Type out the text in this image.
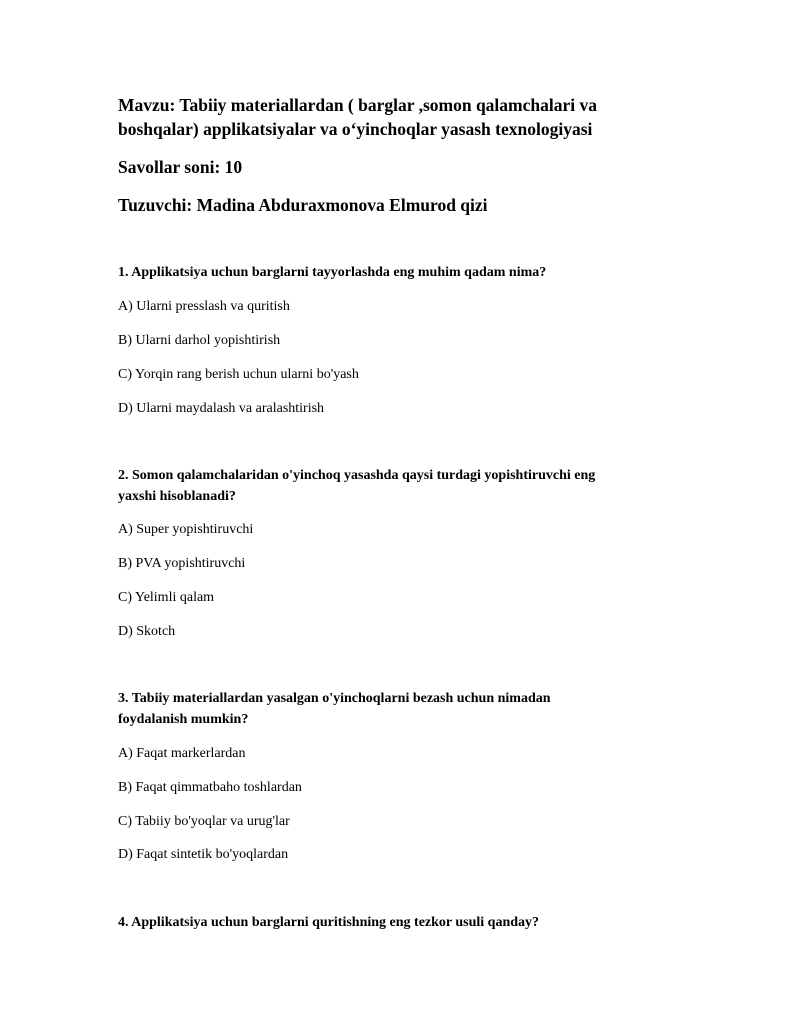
Mavzu: Tabiiy materiallardan ( barglar ,somon qalamchalari va
boshqalar) applikatsiyalar va o‘yinchoqlar yasash texnologiyasi
Savollar soni: 10
Tuzuvchi: Madina Abduraxmonova Elmurod qizi
1. Applikatsiya uchun barglarni tayyorlashda eng muhim qadam nima?
A) Ularni presslash va quritish
B) Ularni darhol yopishtirish
C) Yorqin rang berish uchun ularni bo'yash
D) Ularni maydalash va aralashtirish
2. Somon qalamchalaridan o'yinchoq yasashda qaysi turdagi yopishtiruvchi eng
yaxshi hisoblanadi?
A) Super yopishtiruvchi
B) PVA yopishtiruvchi
C) Yelimli qalam
D) Skotch
3. Tabiiy materiallardan yasalgan o'yinchoqlarni bezash uchun nimadan
foydalanish mumkin?
A) Faqat markerlardan
B) Faqat qimmatbaho toshlardan
C) Tabiiy bo'yoqlar va urug'lar
D) Faqat sintetik bo'yoqlardan
4. Applikatsiya uchun barglarni quritishning eng tezkor usuli qanday?
